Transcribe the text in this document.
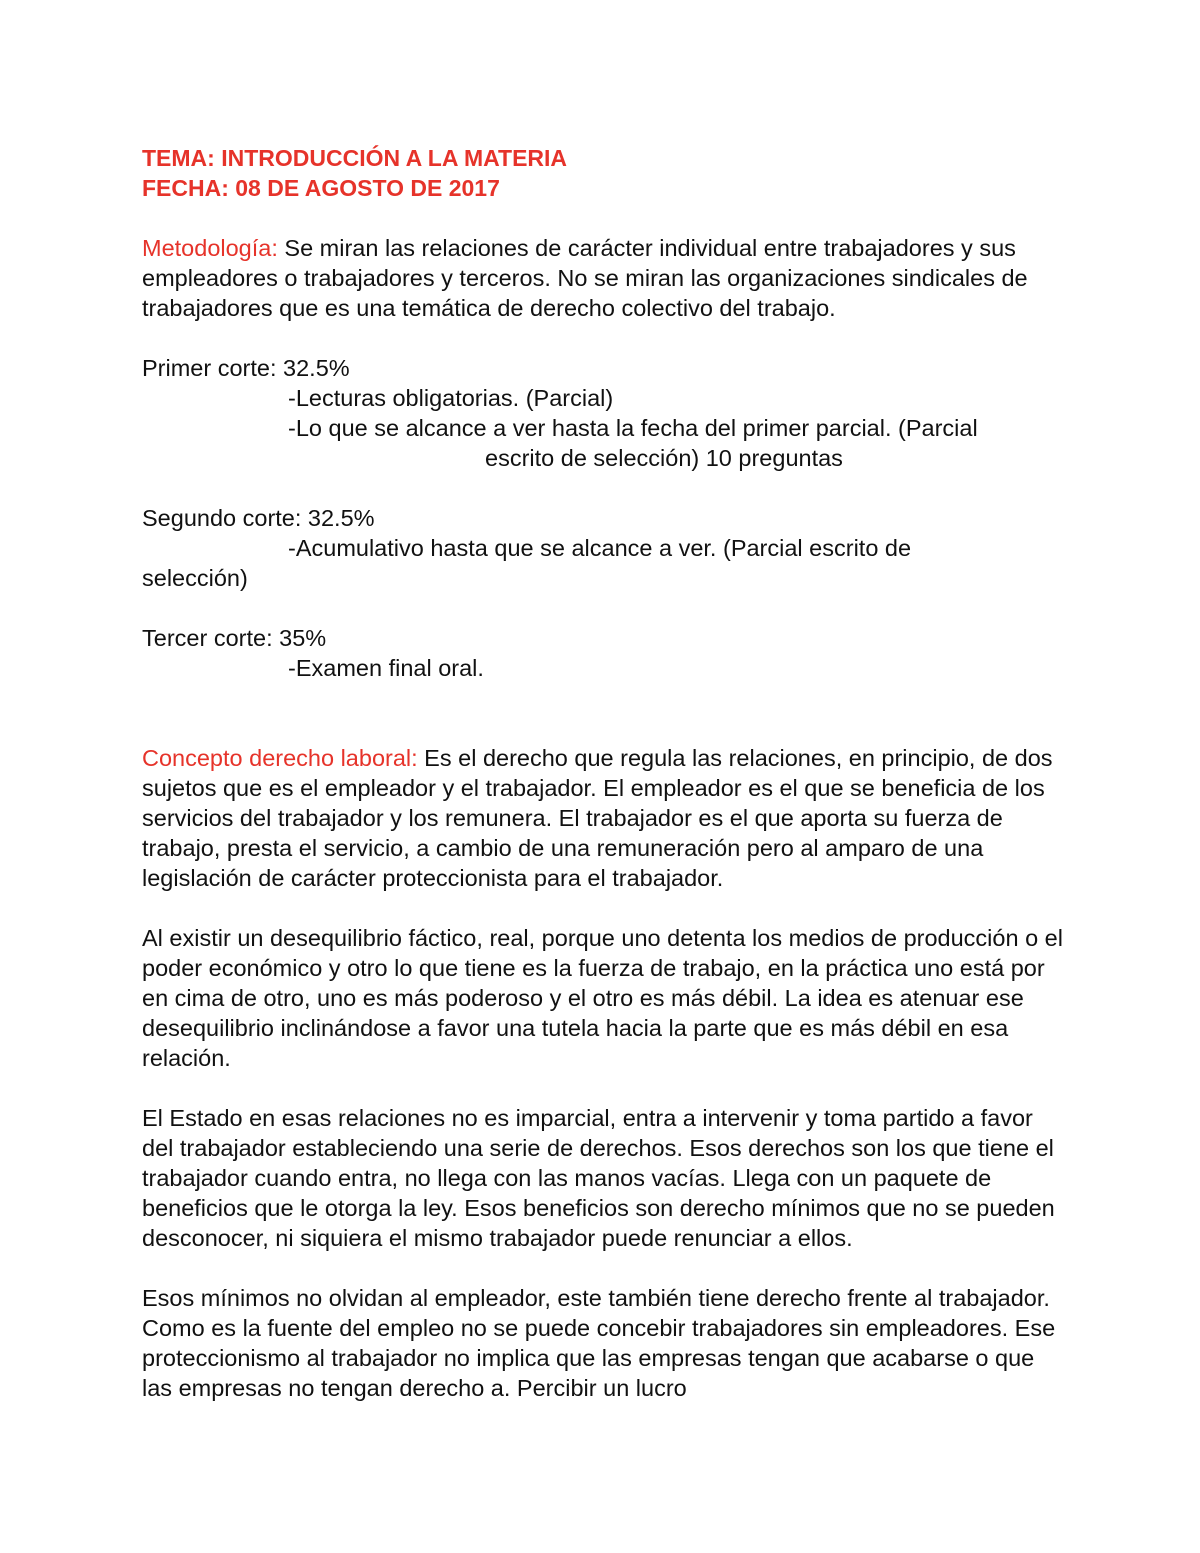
TEMA: INTRODUCCIÓN A LA MATERIA

FECHA: 08 DE AGOSTO DE 2017

Metodología: Se miran las relaciones de carácter individual entre trabajadores y sus empleadores o trabajadores y terceros. No se miran las organizaciones sindicales de trabajadores que es una temática de derecho colectivo del trabajo.

Primer corte: 32.5%

-Lecturas obligatorias. (Parcial)

-Lo que se alcance a ver hasta la fecha del primer parcial. (Parcial

escrito de selección) 10 preguntas

Segundo corte: 32.5%

-Acumulativo hasta que se alcance a ver. (Parcial escrito de

selección)

Tercer corte: 35%

-Examen final oral.

Concepto derecho laboral: Es el derecho que regula las relaciones, en principio, de dos sujetos que es el empleador y el trabajador. El empleador es el que se beneficia de los servicios del trabajador y los remunera. El trabajador es el que aporta su fuerza de trabajo, presta el servicio, a cambio de una remuneración pero al amparo de una legislación de carácter proteccionista para el trabajador.

Al existir un desequilibrio fáctico, real, porque uno detenta los medios de producción o el poder económico y otro lo que tiene es la fuerza de trabajo, en la práctica uno está por en cima de otro, uno es más poderoso y el otro es más débil. La idea es atenuar ese desequilibrio inclinándose a favor una tutela hacia la parte que es más débil en esa relación.

El Estado en esas relaciones no es imparcial, entra a intervenir y toma partido a favor del trabajador estableciendo una serie de derechos. Esos derechos son los que tiene el trabajador cuando entra, no llega con las manos vacías. Llega con un paquete de beneficios que le otorga la ley. Esos beneficios son derecho mínimos que no se pueden desconocer, ni siquiera el mismo trabajador puede renunciar a ellos.

Esos mínimos no olvidan al empleador, este también tiene derecho frente al trabajador. Como es la fuente del empleo no se puede concebir trabajadores sin empleadores. Ese proteccionismo al trabajador no implica que las empresas tengan que acabarse o que las empresas no tengan derecho a. Percibir un lucro
